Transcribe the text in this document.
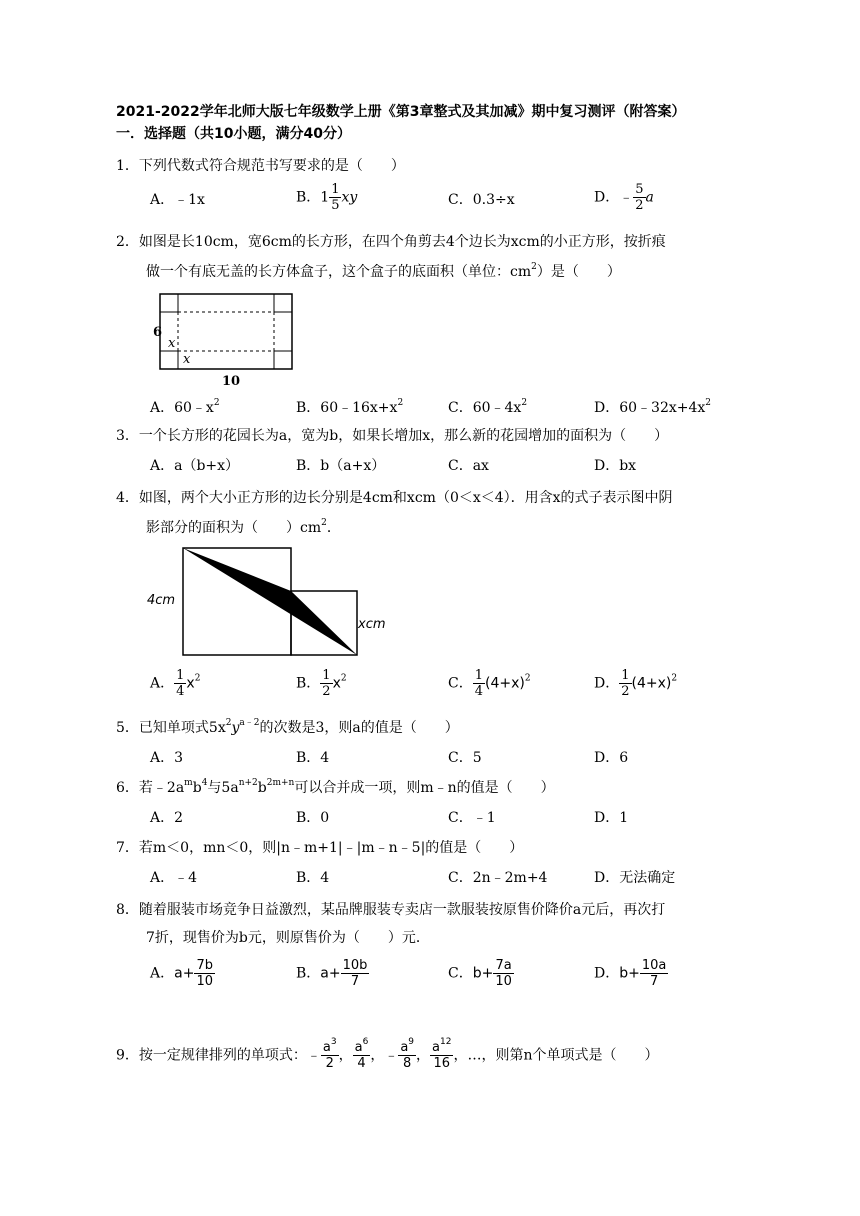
2021-2022学年北师大版七年级数学上册《第3章整式及其加减》期中复习测评（附答案）
一．选择题（共10小题，满分40分）
1．下列代数式符合规范书写要求的是（　　）
A．﹣1x	B．$1 \frac{1}{5}$ xy	C．0.3÷x	D．﹣ $\frac{5}{2}$ a
2．如图是长10cm，宽6cm的长方形，在四个角剪去4个边长为xcm的小正方形，按折痕
做一个有底无盖的长方体盒子，这个盒子的底面积（单位：$cm^2$）是（　　）
6
x
x
10
A．$60﹣x^2$	B．$60﹣16x+x^2$	C．$60﹣4x^2$	D．$60﹣32x+4x^2$
3．一个长方形的花园长为a，宽为b，如果长增加x，那么新的花园增加的面积为（　　）
A．a（b+x）	B．b（a+x）	C．ax	D．bx
4．如图，两个大小正方形的边长分别是4cm和xcm（0＜x＜4）．用含x的式子表示图中阴
影部分的面积为（　　）$cm^2$．
4cm
xcm
A． $\frac{1}{4} x^2$	B． $\frac{1}{2} x^2$	C． $\frac{1}{4} (4+x)^2$	D． $\frac{1}{2} (4+x)^2$
5．已知单项式$5x^2y^{a﹣2}$的次数是3，则a的值是（　　）
A．3	B．4	C．5	D．6
6．若$﹣2a^mb^4$与$5a^{n+2}b^{2m+n}$可以合并成一项，则m﹣n的值是（　　）
A．2	B．0	C．﹣1	D．1
7．若m＜0，mn＜0，则|n﹣m+1|﹣|m﹣n﹣5|的值是（　　）
A．﹣4	B．4	C．2n﹣2m+4	D．无法确定
8．随着服装市场竞争日益激烈，某品牌服装专卖店一款服装按原售价降价a元后，再次打
7折，现售价为b元，则原售价为（　　）元．
A．$a+ \frac{7b}{10}$	B．$a+ \frac{10b}{7}$	C．$b+ \frac{7a}{10}$	D．$b+ \frac{10a}{7}$
9．按一定规律排列的单项式：﹣ $\frac{a^3}{2}$ ， $\frac{a^6}{4}$ ，﹣ $\frac{a^9}{8}$ ， $\frac{a^{12}}{16}$ ，…，则第n个单项式是（　　）
